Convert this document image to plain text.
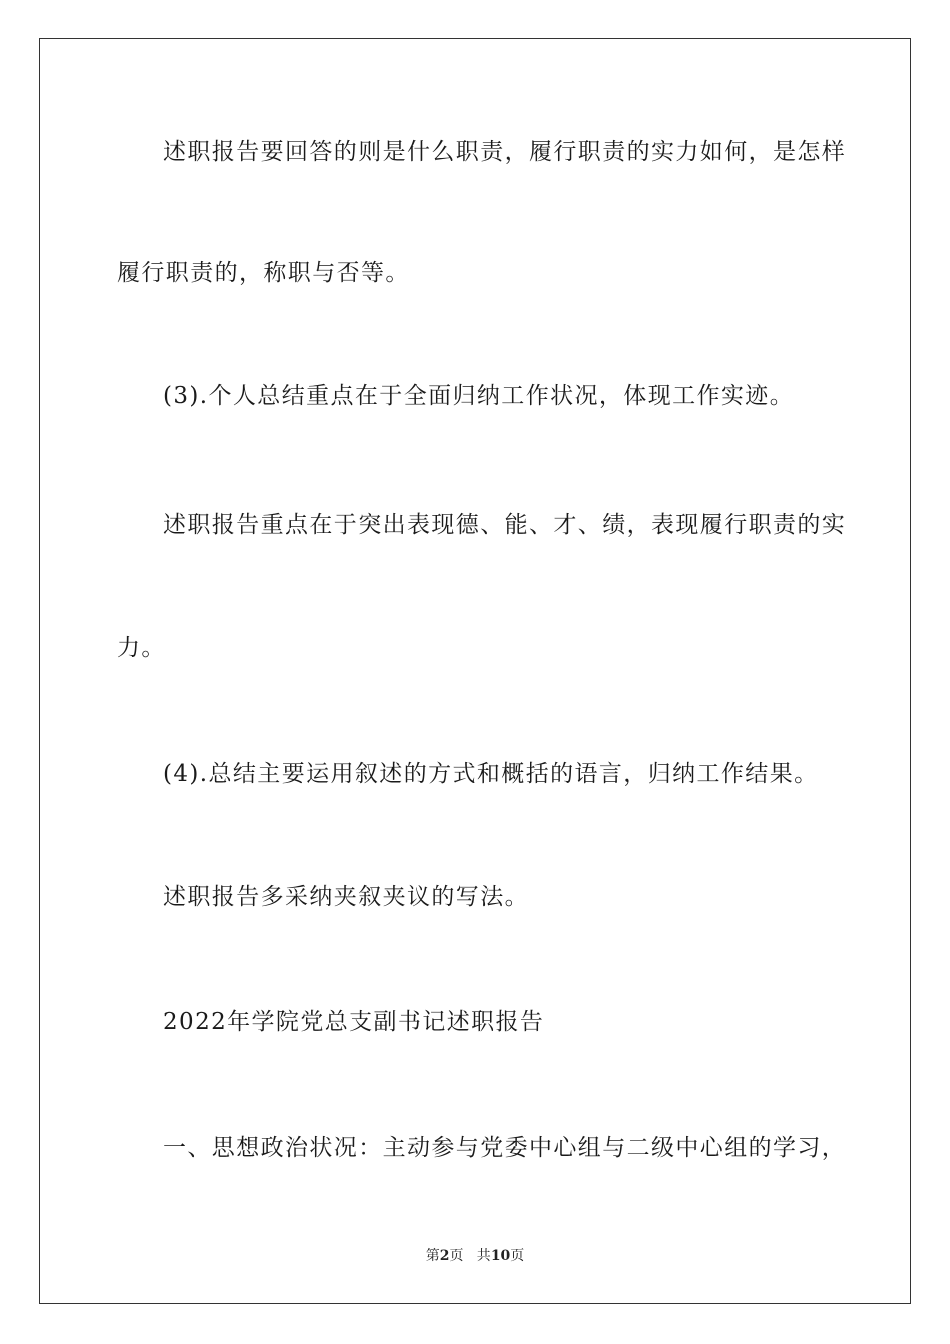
述职报告要回答的则是什么职责，履行职责的实力如何，是怎样
履行职责的，称职与否等。
(3).个人总结重点在于全面归纳工作状况，体现工作实迹。
述职报告重点在于突出表现德、能、才、绩，表现履行职责的实
力。
(4).总结主要运用叙述的方式和概括的语言，归纳工作结果。
述职报告多采纳夹叙夹议的写法。
2022年学院党总支副书记述职报告
一、思想政治状况：主动参与党委中心组与二级中心组的学习，
第2页   共10页
